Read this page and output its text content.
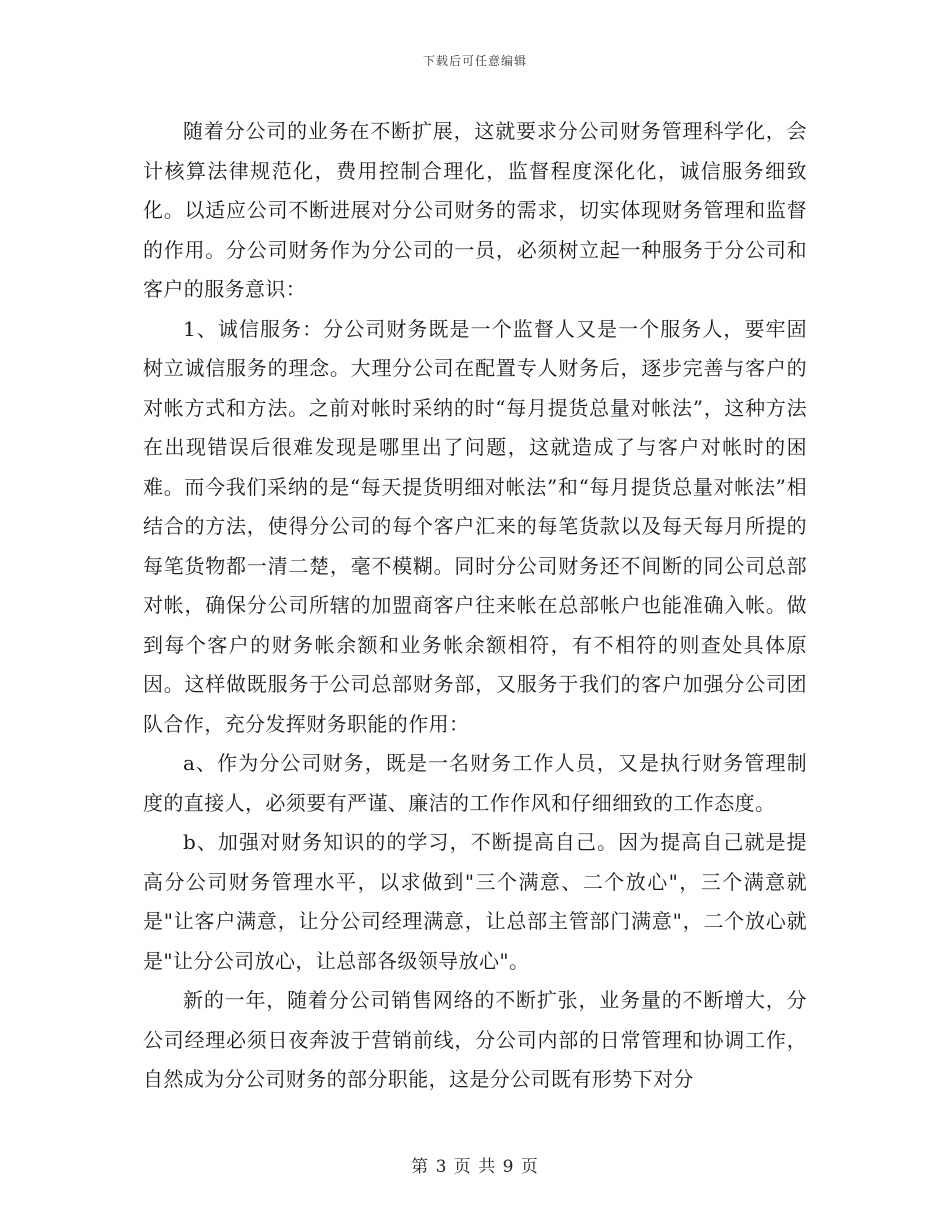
下载后可任意编辑

随着分公司的业务在不断扩展，这就要求分公司财务管理科学化，会计核算法律规范化，费用控制合理化，监督程度深化化，诚信服务细致化。以适应公司不断进展对分公司财务的需求，切实体现财务管理和监督的作用。分公司财务作为分公司的一员，必须树立起一种服务于分公司和客户的服务意识：

1、诚信服务：分公司财务既是一个监督人又是一个服务人，要牢固树立诚信服务的理念。大理分公司在配置专人财务后，逐步完善与客户的对帐方式和方法。之前对帐时采纳的时“每月提货总量对帐法”，这种方法在出现错误后很难发现是哪里出了问题，这就造成了与客户对帐时的困难。而今我们采纳的是“每天提货明细对帐法”和“每月提货总量对帐法”相结合的方法，使得分公司的每个客户汇来的每笔货款以及每天每月所提的每笔货物都一清二楚，毫不模糊。同时分公司财务还不间断的同公司总部对帐，确保分公司所辖的加盟商客户往来帐在总部帐户也能准确入帐。做到每个客户的财务帐余额和业务帐余额相符，有不相符的则查处具体原因。这样做既服务于公司总部财务部，又服务于我们的客户加强分公司团队合作，充分发挥财务职能的作用：

a、作为分公司财务，既是一名财务工作人员，又是执行财务管理制度的直接人，必须要有严谨、廉洁的工作作风和仔细细致的工作态度。

b、加强对财务知识的的学习，不断提高自己。因为提高自己就是提高分公司财务管理水平，以求做到"三个满意、二个放心"，三个满意就是"让客户满意，让分公司经理满意，让总部主管部门满意"，二个放心就是"让分公司放心，让总部各级领导放心"。

新的一年，随着分公司销售网络的不断扩张，业务量的不断增大，分公司经理必须日夜奔波于营销前线，分公司内部的日常管理和协调工作，自然成为分公司财务的部分职能，这是分公司既有形势下对分

第 3 页 共 9 页
